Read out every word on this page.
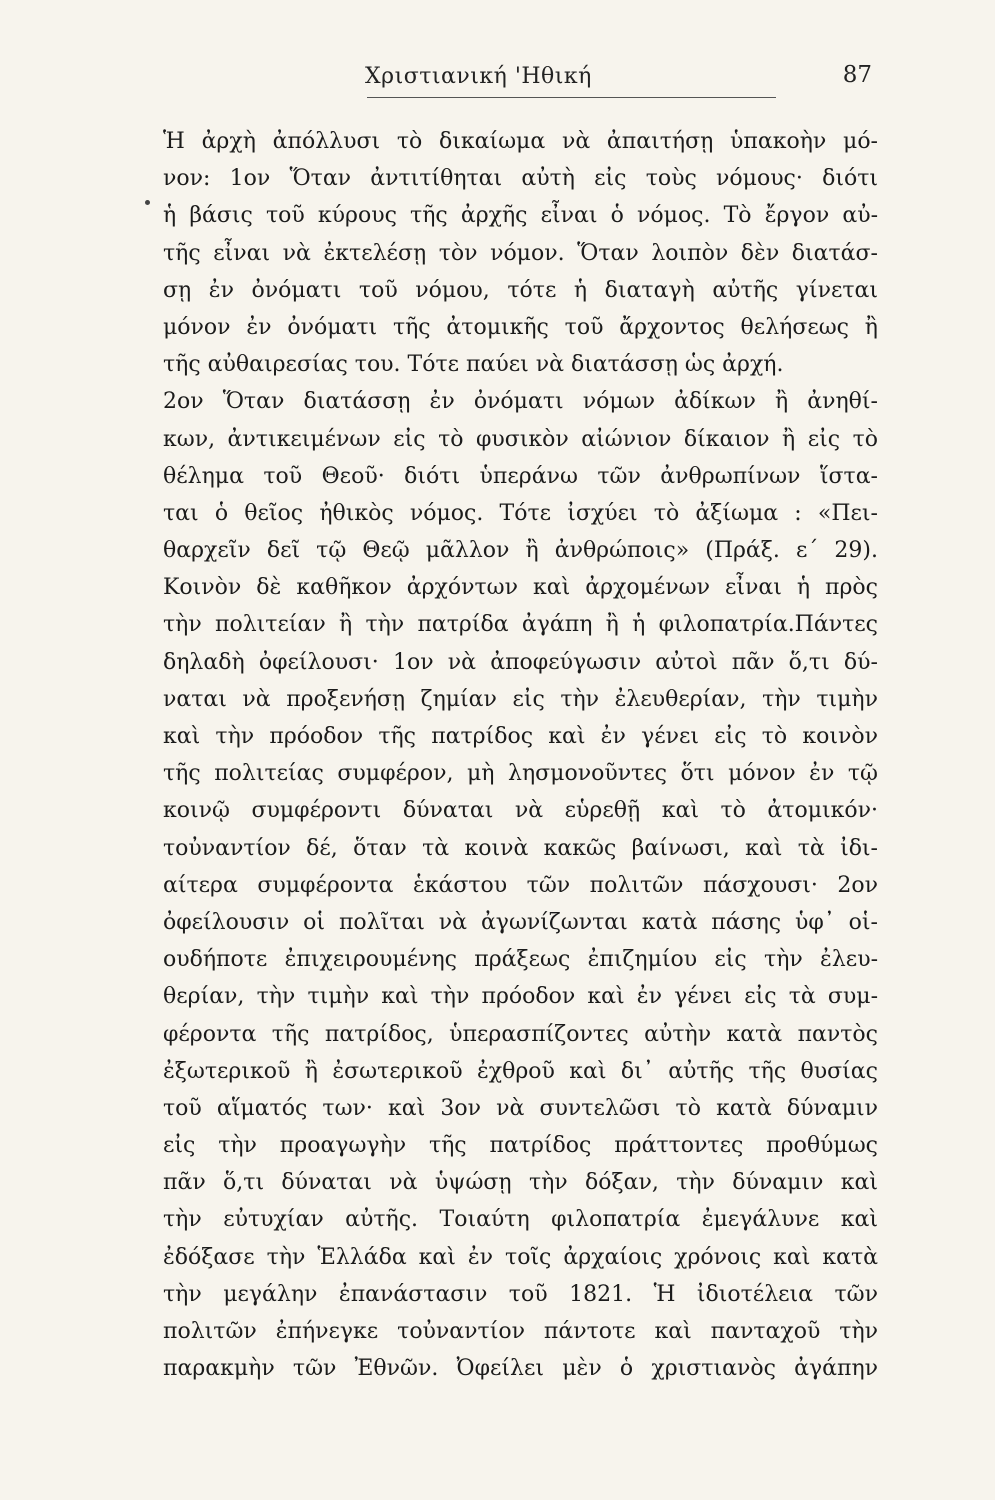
Χριστιανική 'Ηθική	87
Ἡ ἀρχὴ ἀπόλλυσι τὸ δικαίωμα νὰ ἀπαιτήσῃ ὑπακοὴν μό-
νον: 1ον Ὅταν ἀντιτίθηται αὐτὴ εἰς τοὺς νόμους· διότι
ἡ βάσις τοῦ κύρους τῆς ἀρχῆς εἶναι ὁ νόμος. Τὸ ἔργον αὐ-
τῆς εἶναι νὰ ἐκτελέσῃ τὸν νόμον. Ὅταν λοιπὸν δὲν διατάσ-
σῃ ἐν ὀνόματι τοῦ νόμου, τότε ἡ διαταγὴ αὐτῆς γίνεται
μόνον ἐν ὀνόματι τῆς ἀτομικῆς τοῦ ἄρχοντος θελήσεως ἢ
τῆς αὐθαιρεσίας του. Τότε παύει νὰ διατάσσῃ ὡς ἀρχή.
2ον Ὅταν διατάσσῃ ἐν ὀνόματι νόμων ἀδίκων ἢ ἀνηθί-
κων, ἀντικειμένων εἰς τὸ φυσικὸν αἰώνιον δίκαιον ἢ εἰς τὸ
θέλημα τοῦ Θεοῦ· διότι ὑπεράνω τῶν ἀνθρωπίνων ἵστα-
ται ὁ θεῖος ἠθικὸς νόμος. Τότε ἰσχύει τὸ ἀξίωμα : «Πει-
θαρχεῖν δεῖ τῷ Θεῷ μᾶλλον ἢ ἀνθρώποις» (Πράξ. ε΄ 29).
Κοινὸν δὲ καθῆκον ἀρχόντων καὶ ἀρχομένων εἶναι ἡ πρὸς
τὴν πολιτείαν ἢ τὴν πατρίδα ἀγάπη ἢ ἡ φιλοπατρία.Πάντες
δηλαδὴ ὀφείλουσι· 1ον νὰ ἀποφεύγωσιν αὐτοὶ πᾶν ὅ,τι δύ-
ναται νὰ προξενήσῃ ζημίαν εἰς τὴν ἐλευθερίαν, τὴν τιμὴν
καὶ τὴν πρόοδον τῆς πατρίδος καὶ ἐν γένει εἰς τὸ κοινὸν
τῆς πολιτείας συμφέρον, μὴ λησμονοῦντες ὅτι μόνον ἐν τῷ
κοινῷ συμφέροντι δύναται νὰ εὑρεθῇ καὶ τὸ ἀτομικόν·
τοὐναντίον δέ, ὅταν τὰ κοινὰ κακῶς βαίνωσι, καὶ τὰ ἰδι-
αίτερα συμφέροντα ἑκάστου τῶν πολιτῶν πάσχουσι· 2ον
ὀφείλουσιν οἱ πολῖται νὰ ἀγωνίζωνται κατὰ πάσης ὑφ᾽ οἱ-
ουδήποτε ἐπιχειρουμένης πράξεως ἐπιζημίου εἰς τὴν ἐλευ-
θερίαν, τὴν τιμὴν καὶ τὴν πρόοδον καὶ ἐν γένει εἰς τὰ συμ-
φέροντα τῆς πατρίδος, ὑπερασπίζοντες αὐτὴν κατὰ παντὸς
ἐξωτερικοῦ ἢ ἐσωτερικοῦ ἐχθροῦ καὶ δι᾽ αὐτῆς τῆς θυσίας
τοῦ αἵματός των· καὶ 3ον νὰ συντελῶσι τὸ κατὰ δύναμιν
εἰς τὴν προαγωγὴν τῆς πατρίδος πράττοντες προθύμως
πᾶν ὅ,τι δύναται νὰ ὑψώσῃ τὴν δόξαν, τὴν δύναμιν καὶ
τὴν εὐτυχίαν αὐτῆς. Τοιαύτη φιλοπατρία ἐμεγάλυνε καὶ
ἐδόξασε τὴν Ἑλλάδα καὶ ἐν τοῖς ἀρχαίοις χρόνοις καὶ κατὰ
τὴν μεγάλην ἐπανάστασιν τοῦ 1821. Ἡ ἰδιοτέλεια τῶν
πολιτῶν ἐπήνεγκε τοὐναντίον πάντοτε καὶ πανταχοῦ τὴν
παρακμὴν τῶν Ἐθνῶν. Ὀφείλει μὲν ὁ χριστιανὸς ἀγάπην
